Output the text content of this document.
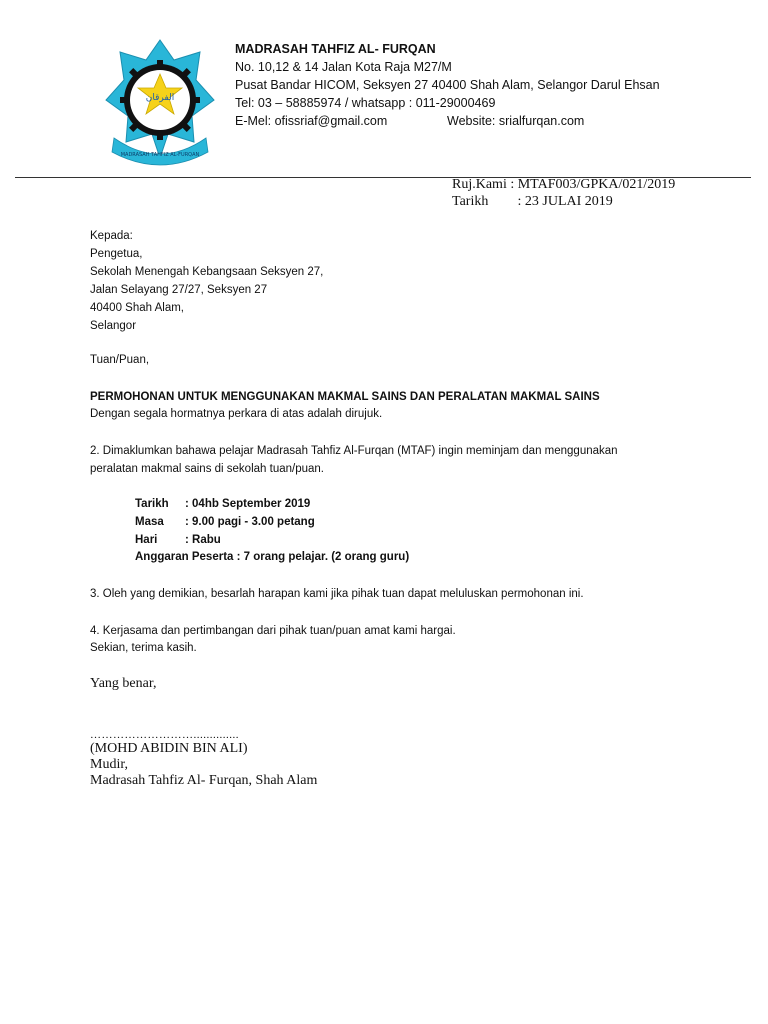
الفرقان
MADRASAH TAHFIZ AL-FURQAN
MADRASAH TAHFIZ AL- FURQAN
No. 10,12 & 14 Jalan Kota Raja M27/M
Pusat Bandar HICOM, Seksyen 27 40400 Shah Alam, Selangor Darul Ehsan
Tel: 03 – 58885974 / whatsapp : 011-29000469
E-Mel: ofissriaf@gmail.com	Website: srialfurqan.com
Ruj.Kami : MTAF003/GPKA/021/2019
Tarikh : 23 JULAI 2019
Kepada:
Pengetua,
Sekolah Menengah Kebangsaan Seksyen 27,
Jalan Selayang 27/27, Seksyen 27
40400 Shah Alam,
Selangor
Tuan/Puan,
PERMOHONAN UNTUK MENGGUNAKAN MAKMAL SAINS DAN PERALATAN MAKMAL SAINS
Dengan segala hormatnya perkara di atas adalah dirujuk.
2. Dimaklumkan bahawa pelajar Madrasah Tahfiz Al-Furqan (MTAF) ingin meminjam dan menggunakan
peralatan makmal sains di sekolah tuan/puan.
Tarikh : 04hb September 2019
Masa : 9.00 pagi - 3.00 petang
Hari : Rabu
Anggaran Peserta : 7 orang pelajar. (2 orang guru)
3. Oleh yang demikian, besarlah harapan kami jika pihak tuan dapat meluluskan permohonan ini.
4. Kerjasama dan pertimbangan dari pihak tuan/puan amat kami hargai.
Sekian, terima kasih.
Yang benar,
………………………..............
(MOHD ABIDIN BIN ALI)
Mudir,
Madrasah Tahfiz Al- Furqan, Shah Alam
